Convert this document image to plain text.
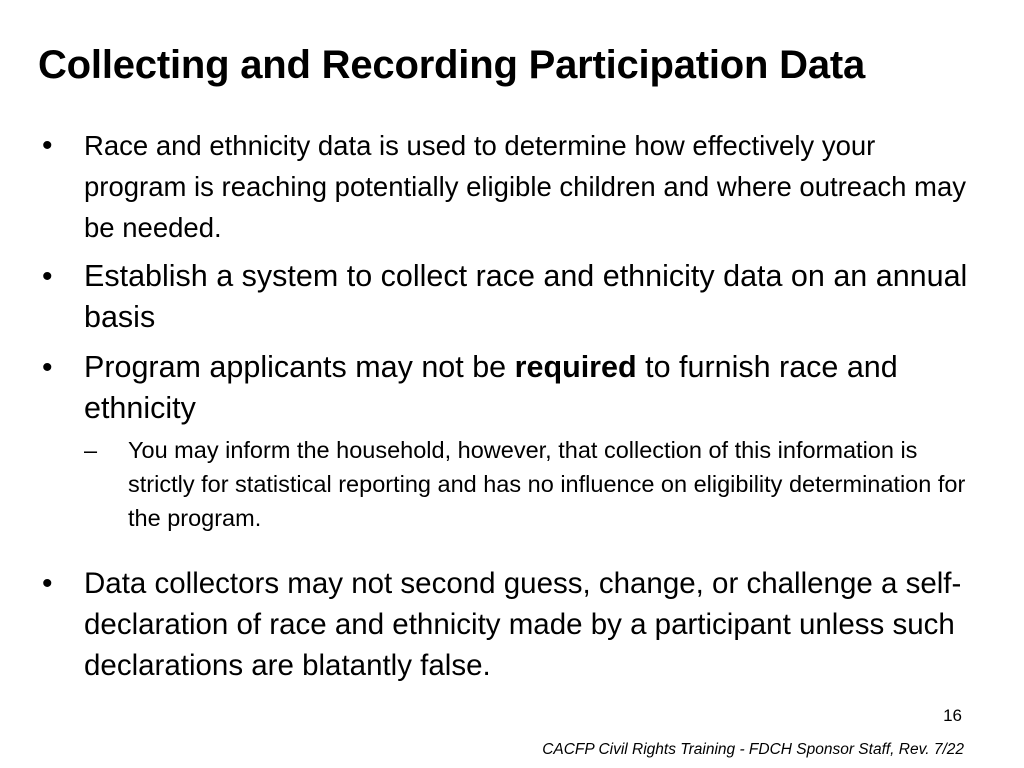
Collecting and Recording Participation Data
• Race and ethnicity data is used to determine how effectively your program is reaching potentially eligible children and where outreach may be needed.
• Establish a system to collect race and ethnicity data on an annual basis
• Program applicants may not be required to furnish race and ethnicity
– You may inform the household, however, that collection of this information is strictly for statistical reporting and has no influence on eligibility determination for the program.
• Data collectors may not second guess, change, or challenge a self-declaration of race and ethnicity made by a participant unless such declarations are blatantly false.
16
CACFP Civil Rights Training - FDCH Sponsor Staff, Rev. 7/22
